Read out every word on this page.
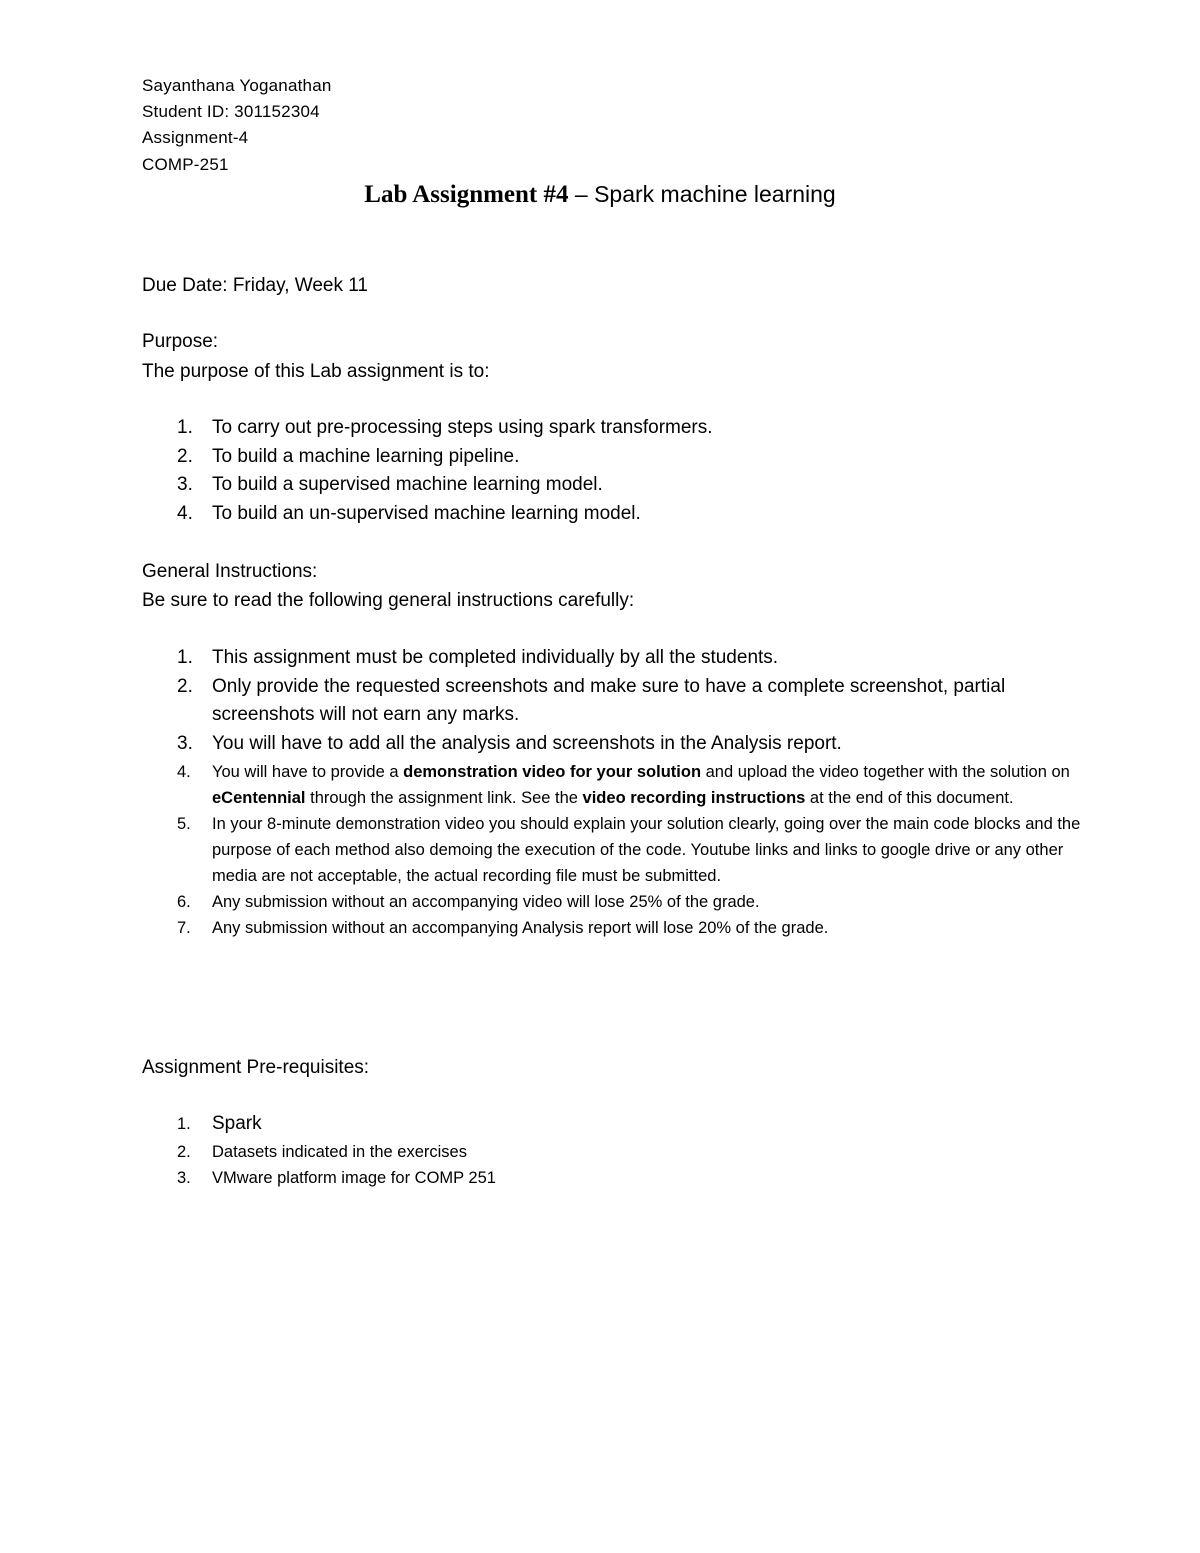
Sayanthana Yoganathan
Student ID: 301152304
Assignment-4
COMP-251
Lab Assignment #4 – Spark machine learning
Due Date: Friday, Week 11
Purpose:
The purpose of this Lab assignment is to:
1. To carry out pre-processing steps using spark transformers.
2. To build a machine learning pipeline.
3. To build a supervised machine learning model.
4. To build an un-supervised machine learning model.
General Instructions:
Be sure to read the following general instructions carefully:
1. This assignment must be completed individually by all the students.
2. Only provide the requested screenshots and make sure to have a complete screenshot, partial screenshots will not earn any marks.
3. You will have to add all the analysis and screenshots in the Analysis report.
4. You will have to provide a demonstration video for your solution and upload the video together with the solution on eCentennial through the assignment link. See the video recording instructions at the end of this document.
5. In your 8-minute demonstration video you should explain your solution clearly, going over the main code blocks and the purpose of each method also demoing the execution of the code. Youtube links and links to google drive or any other media are not acceptable, the actual recording file must be submitted.
6. Any submission without an accompanying video will lose 25% of the grade.
7. Any submission without an accompanying Analysis report will lose 20% of the grade.
Assignment Pre-requisites:
1. Spark
2. Datasets indicated in the exercises
3. VMware platform image for COMP 251
